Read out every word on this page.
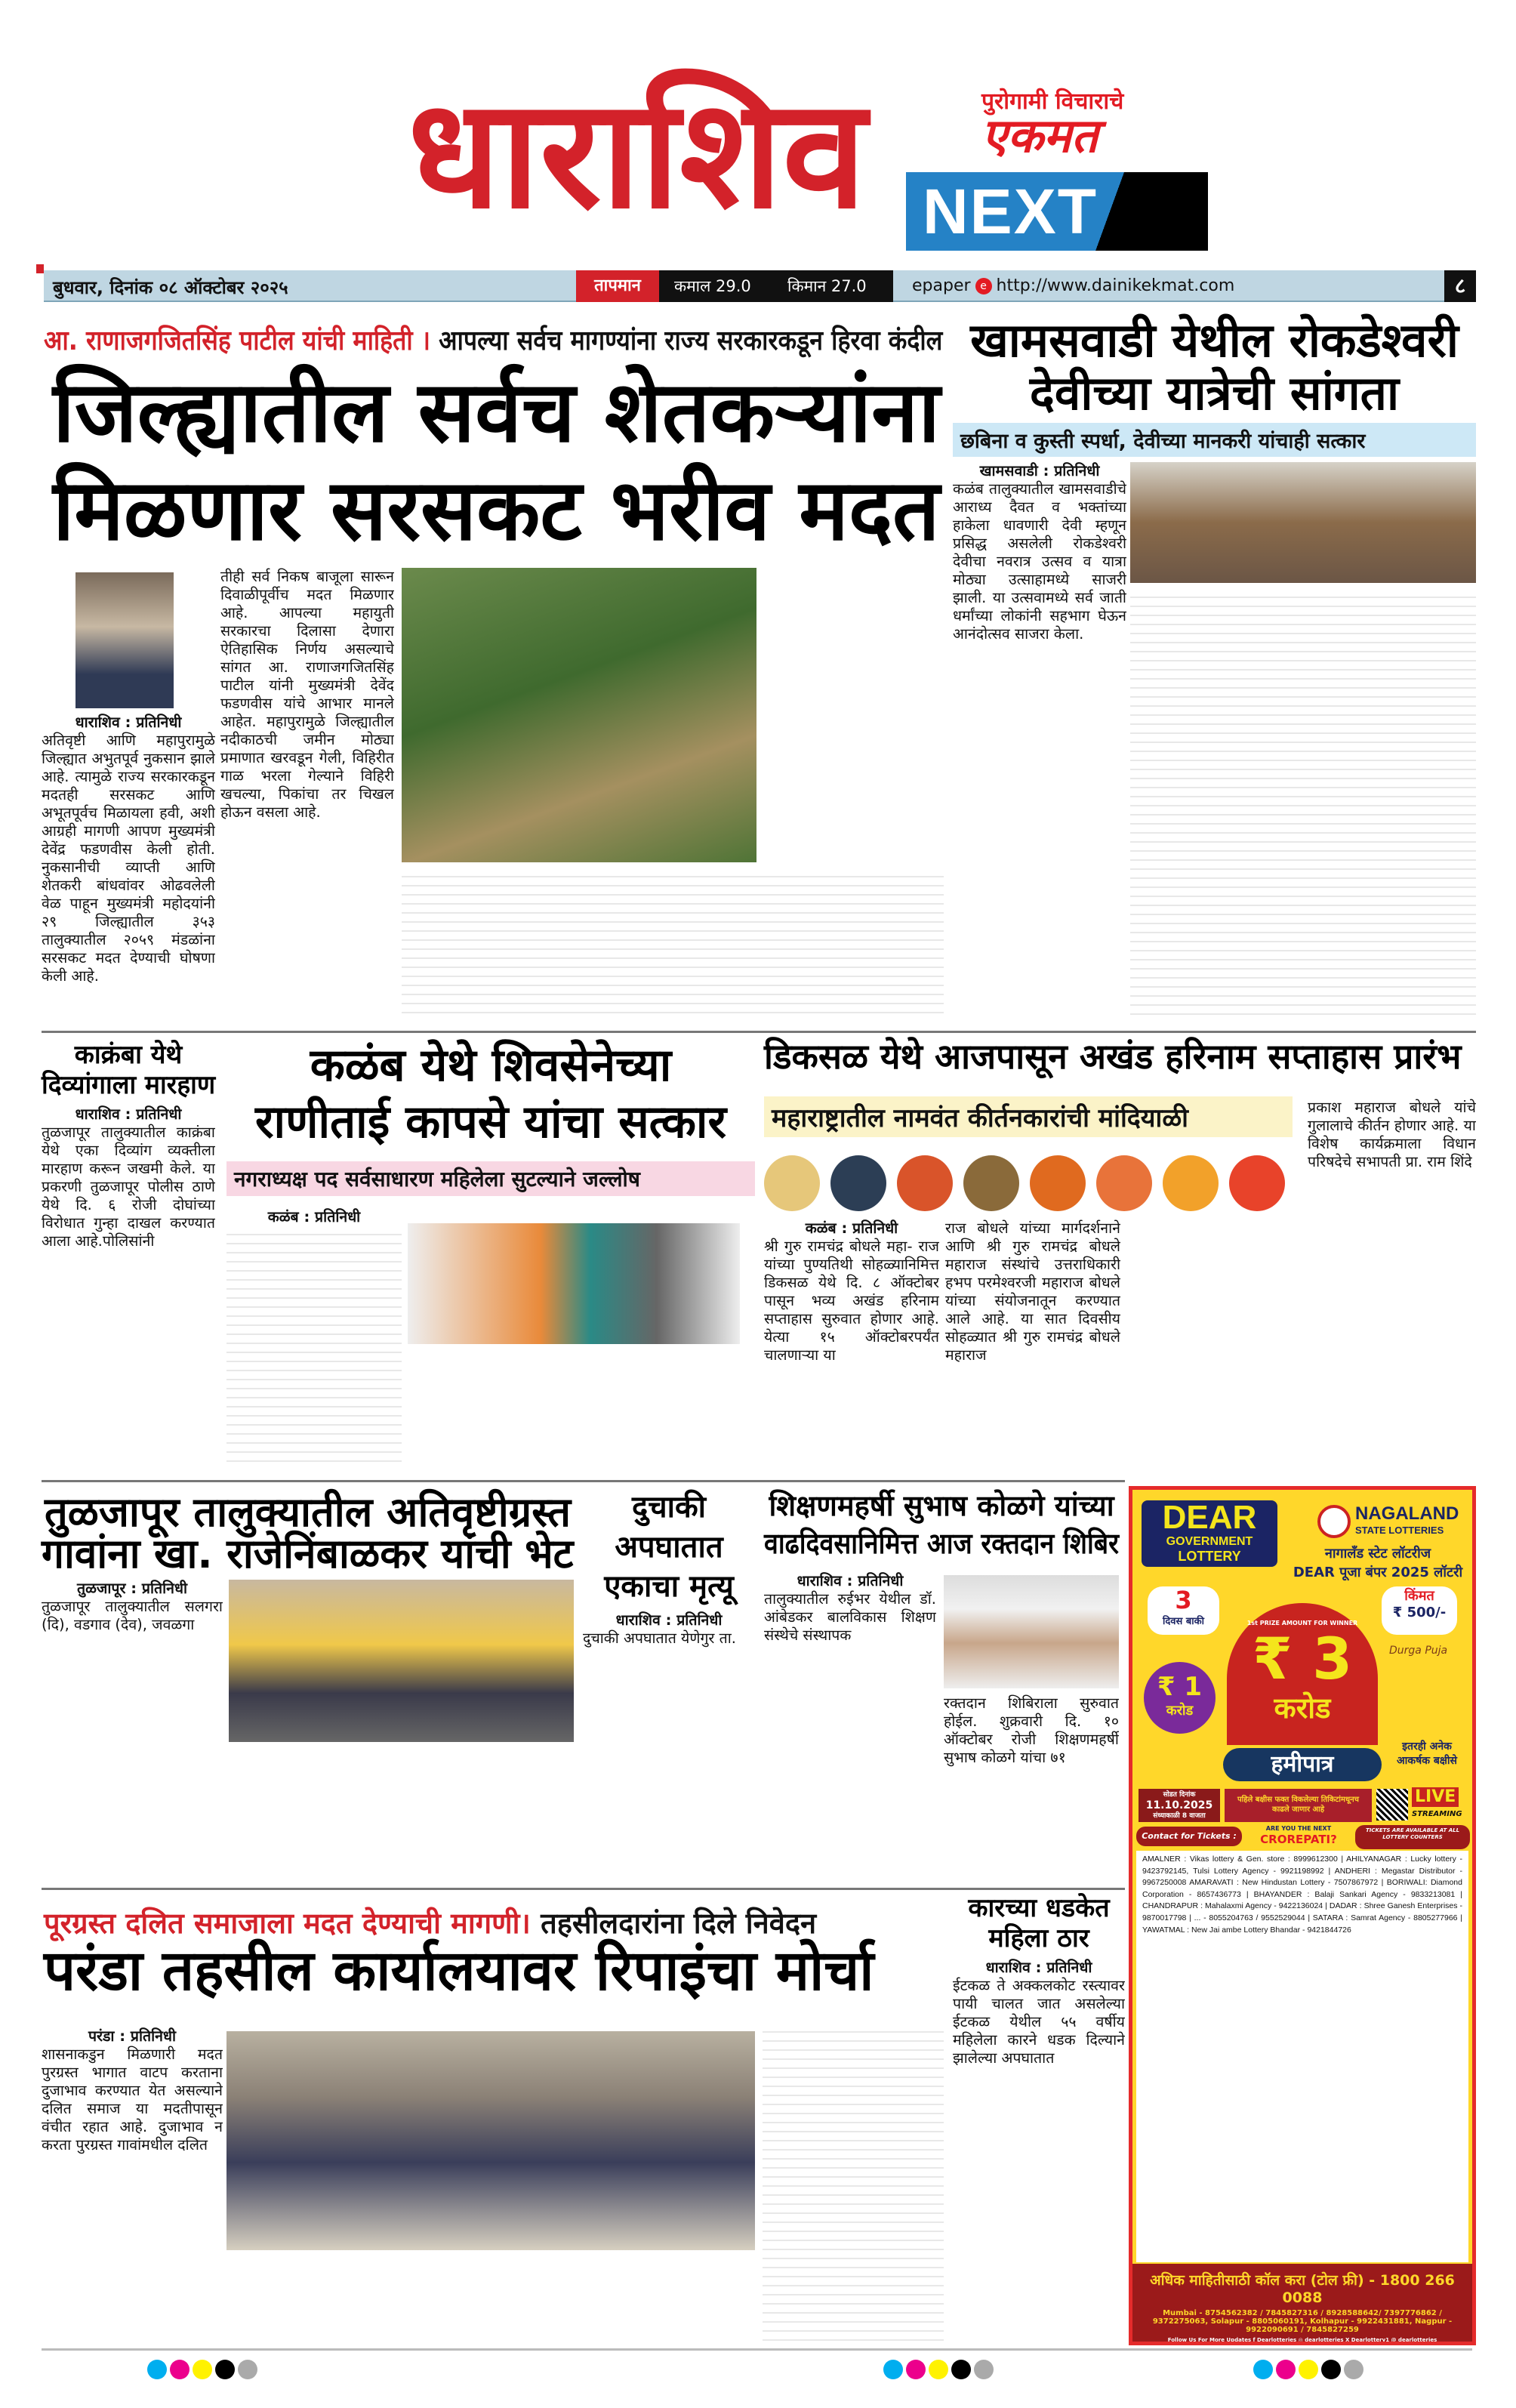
धाराशिव	पुरोगामी विचाराचे
एकमत
NEXT
बुधवार, दिनांक ०८ ऑक्टोबर २०२५	तापमान	कमाल 29.0 किमान 27.0	epaper e http://www.dainikekmat.com	८
आ. राणाजगजितसिंह पाटील यांची माहिती । आपल्या सर्वच मागण्यांना राज्य सरकारकडून हिरवा कंदील
जिल्ह्यातील सर्वच शेतकऱ्यांना
मिळणार सरसकट भरीव मदत
धाराशिव : प्रतिनिधी
अतिवृष्टी आणि महापुरामुळे जिल्ह्यात अभुतपूर्व नुकसान झाले आहे. त्यामुळे राज्य सरकारकडून मदतही सरसकट आणि अभूतपूर्वच मिळायला हवी, अशी आग्रही मागणी आपण मुख्यमंत्री देवेंद्र फडणवीस केली होती. नुकसानीची व्याप्ती आणि शेतकरी बांधवांवर ओढवलेली वेळ पाहून मुख्यमंत्री महोदयांनी २९ जिल्ह्यातील ३५३ तालुक्यातील २०५९ मंडळांना सरसकट मदत देण्याची घोषणा केली आहे.
तीही सर्व निकष बाजूला सारून दिवाळीपूर्वीच मदत मिळणार आहे. आपल्या महायुती सरकारचा दिलासा देणारा ऐतिहासिक निर्णय असल्याचे सांगत आ. राणाजगजितसिंह पाटील यांनी मुख्यमंत्री देवेंद फडणवीस यांचे आभार मानले आहेत. महापुरामुळे जिल्ह्यातील नदीकाठची जमीन मोठ्या प्रमाणात खरवडून गेली, विहिरीत गाळ भरला गेल्याने विहिरी खचल्या, पिकांचा तर चिखल होऊन वसला आहे.
खामसवाडी येथील रोकडेश्वरी
देवीच्या यात्रेची सांगता
छबिना व कुस्ती स्पर्धा, देवीच्या मानकरी यांचाही सत्कार
खामसवाडी : प्रतिनिधी
कळंब तालुक्यातील खामसवाडीचे आराध्य दैवत व भक्तांच्या हाकेला धावणारी देवी म्हणून प्रसिद्ध असलेली रोकडेश्वरी देवीचा नवरात्र उत्सव व यात्रा मोठ्या उत्साहामध्ये साजरी झाली. या उत्सवामध्ये सर्व जाती धर्मांच्या लोकांनी सहभाग घेऊन आनंदोत्सव साजरा केला.
काक्रंबा येथे
दिव्यांगाला मारहाण
धाराशिव : प्रतिनिधी
तुळजापूर तालुक्यातील काक्रंबा येथे एका दिव्यांग व्यक्तीला मारहाण करून जखमी केले. या प्रकरणी तुळजापूर पोलीस ठाणे येथे दि. ६ रोजी दोघांच्या विरोधात गुन्हा दाखल करण्यात आला आहे.पोलिसांनी
कळंब येथे शिवसेनेच्या
राणीताई कापसे यांचा सत्कार
नगराध्यक्ष पद सर्वसाधारण महिलेला सुटल्याने जल्लोष
कळंब : प्रतिनिधी
डिकसळ येथे आजपासून अखंड हरिनाम सप्ताहास प्रारंभ
महाराष्ट्रातील नामवंत कीर्तनकारांची मांदियाळी
कळंब : प्रतिनिधी
श्री गुरु रामचंद्र बोधले महा- राज यांच्या पुण्यतिथी सोहळ्यानिमित्त डिकसळ येथे दि. ८ ऑक्टोबर पासून भव्य अखंड हरिनाम सप्ताहास सुरुवात होणार आहे. येत्या १५ ऑक्टोबरपर्यंत चालणाऱ्या या
राज बोधले यांच्या मार्गदर्शनाने आणि श्री गुरु रामचंद्र बोधले महाराज संस्थांचे उत्तराधिकारी हभप परमेश्वरजी महाराज बोधले यांच्या संयोजनातून करण्यात आले आहे. या सात दिवसीय सोहळ्यात श्री गुरु रामचंद्र बोधले महाराज
प्रकाश महाराज बोधले यांचे गुलालाचे कीर्तन होणार आहे. या विशेष कार्यक्रमाला विधान परिषदेचे सभापती प्रा. राम शिंदे
तुळजापूर तालुक्यातील अतिवृष्टीग्रस्त
गावांना खा. राजेनिंबाळकर यांची भेट
तुळजापूर : प्रतिनिधी
तुळजापूर तालुक्यातील सलगरा (दि), वडगाव (देव), जवळगा
दुचाकी
अपघातात
एकाचा मृत्यू
धाराशिव : प्रतिनिधी
दुचाकी अपघातात येणेगुर ता.
शिक्षणमहर्षी सुभाष कोळगे यांच्या
वाढदिवसानिमित्त आज रक्तदान शिबिर
धाराशिव : प्रतिनिधी
तालुक्यातील रुईभर येथील डॉ. आंबेडकर बालविकास शिक्षण संस्थेचे संस्थापक
रक्तदान शिबिराला सुरुवात होईल. शुक्रवारी दि. १० ऑक्टोबर रोजी शिक्षणमहर्षी सुभाष कोळगे यांचा ७१
पूरग्रस्त दलित समाजाला मदत देण्याची मागणी। तहसीलदारांना दिले निवेदन
परंडा तहसील कार्यालयावर रिपाइंचा मोर्चा
परंडा : प्रतिनिधी
शासनाकडुन मिळणारी मदत पुरग्रस्त भागात वाटप करताना दुजाभाव करण्यात येत असल्याने दलित समाज या मदतीपासून वंचीत रहात आहे. दुजाभाव न करता पुरग्रस्त गावांमधील दलित
कारच्या धडकेत
महिला ठार
धाराशिव : प्रतिनिधी
ईटकळ ते अक्कलकोट रस्त्यावर पायी चालत जात असलेल्या ईटकळ येथील ५५ वर्षीय महिलेला कारने धडक दिल्याने झालेल्या अपघातात
DEAR
GOVERNMENT
LOTTERY
NAGALAND
STATE LOTTERIES
नागालँड स्टेट लॉटरीज
DEAR पूजा बंपर 2025 लॉटरी
3
दिवस बाकी
किंमत
₹ 500/-
₹ 1
करोड
1st PRIZE AMOUNT FOR WINNER
₹ 3
करोड
हमीपात्र
Durga Puja
इतरही अनेक आकर्षक बक्षीसे
सोडत दिनांक
11.10.2025
संध्याकाळी 8 वाजता
पहिले बक्षीस फक्त विकलेल्या तिकिटांमधूनच काढले जाणार आहे
LIVE
STREAMING
Contact for Tickets :
ARE YOU THE NEXT
CROREPATI?
TICKETS ARE AVAILABLE AT ALL LOTTERY COUNTERS
AMALNER : Vikas lottery & Gen. store : 8999612300 | AHILYANAGAR : Lucky lottery - 9423792145, Tulsi Lottery Agency - 9921198992 | ANDHERI : Megastar Distributor - 9967250008 AMARAVATI : New Hindustan Lottery - 7507867972 | BORIWALI: Diamond Corporation - 8657436773 | BHAYANDER : Balaji Sankari Agency - 9833213081 | CHANDRAPUR : Mahalaxmi Agency - 9422136024 | DADAR : Shree Ganesh Enterprises - 9870017798 | ... - 8055204763 / 9552529044 | SATARA : Samrat Agency - 8805277966 | YAWATMAL : New Jai ambe Lottery Bhandar - 9421844726
अधिक माहितीसाठी कॉल करा (टोल फ्री) - 1800 266 0088
Mumbai - 8754562382 / 7845827316 / 8928588642/ 7397776862 / 9372275063, Solapur - 8805060191, Kolhapur - 9922431881, Nagpur - 9922090691 / 7845827259
Follow Us For More Updates f Dearlotteries ◎ dearlotteries X Dearlottery1 @ dearlotteries
